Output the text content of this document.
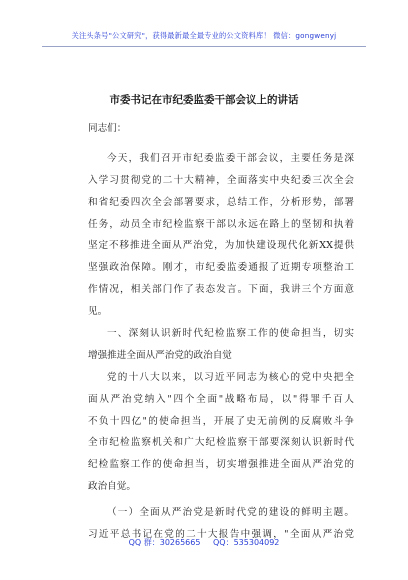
关注头条号"公文研究"，获得最新最全最专业的公文资料库！ 微信：gongwenyj
市委书记在市纪委监委干部会议上的讲话
同志们：
今天，我们召开市纪委监委干部会议，主要任务是深
入学习贯彻党的二十大精神，全面落实中央纪委三次全会
和省纪委四次全会部署要求，总结工作，分析形势，部署
任务，动员全市纪检监察干部以永远在路上的坚韧和执着
坚定不移推进全面从严治党，为加快建设现代化新XX提供
坚强政治保障。刚才，市纪委监委通报了近期专项整治工
作情况，相关部门作了表态发言。下面，我讲三个方面意
见。
一、深刻认识新时代纪检监察工作的使命担当，切实
增强推进全面从严治党的政治自觉
党的十八大以来，以习近平同志为核心的党中央把全
面从严治党纳入"四个全面"战略布局，以"得罪千百人
不负十四亿"的使命担当，开展了史无前例的反腐败斗争
全市纪检监察机关和广大纪检监察干部要深刻认识新时代
纪检监察工作的使命担当，切实增强推进全面从严治党的
政治自觉。
（一）全面从严治党是新时代党的建设的鲜明主题。
习近平总书记在党的二十大报告中强调，"全面从严治党
QQ 群：30265665 QQ：535304092
